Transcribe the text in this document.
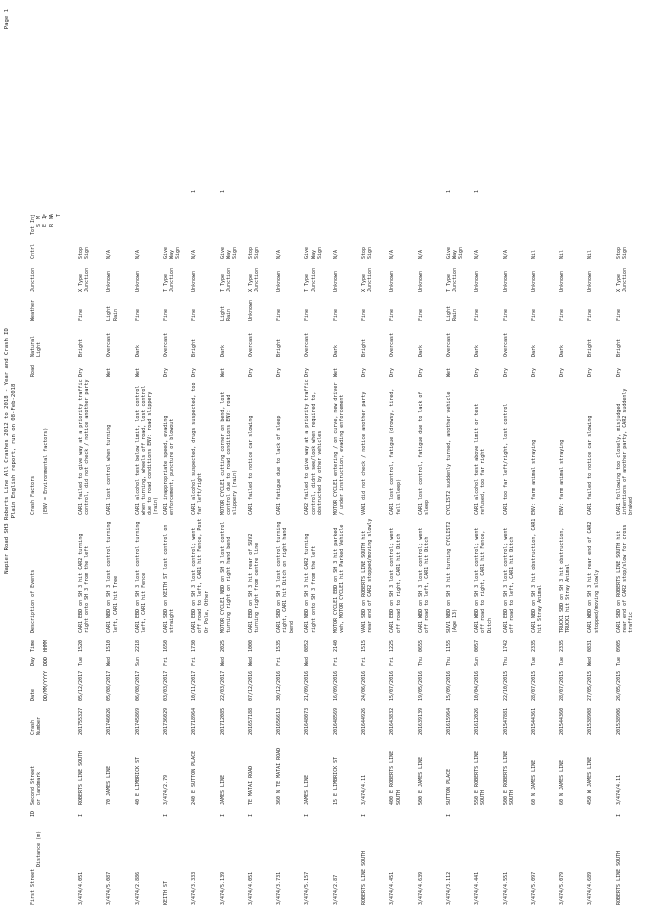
Napier Road SH3 Roberts Line All Crashes 2012 to 2018 - Year and Crash ID Plain English report, run on 08-Feb-2018
Page 1
First Street
Distance (m)
ID
Second Street
or landmark
Crash
Number
Date DD/MM/YYYY
Day DDD
Time HHMM
Description of Events
Crash Factors (ENV = Environmental factors)
Road
Natural
Light
Weather
Junction
Cntrl
Tot Inj F
A
T

S
E
R
M
I
N
3/474/4.051
I
ROBERTS LINE SOUTH
201755327
05/12/2017
Tue
1520
CAR1 EBD on SH 3 hit CAR2 turning right onto SH 3 from the left
CAR1 failed to give way at a priority traffic control, did not check / notice another party
Dry
Bright
Fine
X Type Junction
Stop Sign
3/474/5.087
70 JAMES LINE
201746026
05/08/2017
Wed
1510
CAR1 NBD on SH 3 lost control turning left, CAR1 hit Tree
CAR1 lost control when turning
Wet
Overcast
Light Rain
Unknown
N/A
3/474/2.886
40 E LIMBRICK ST
201745869
06/08/2017
Sun
2218
CAR1 EBD on SH 3 lost control turning left, CAR1 hit Fence
CAR1 alcohol test below limit, lost control when turning, wheels off road, lost control due to road conditions ENV: road slippery (rain)
Wet
Dark
Fine
Unknown
N/A
KEITH ST
I
3/474/2.79
201736029
03/03/2017
Fri
1650
CAR1 SBD on KEITH ST lost control on straight
CAR1 inappropriate speed, evading enforcement, puncture or blowout
Dry
Overcast
Fine
T Type Junction
Give Way Sign
3/474/3.333
240 E SUTTON PLACE
201718964
10/11/2017
Fri
1730
CAR1 EBD on SH 3 lost control; went off road to left, CAR1 hit Fence, Post Or Pole, Other
CAR1 alcohol suspected, drugs suspected, too far left/right
Dry
Bright
Fine
Unknown
N/A
1
3/474/5.139
I
JAMES LINE
201712085
22/03/2017
Wed
2025
MOTOR CYCLE1 NBD on SH 3 lost control turning right on right hand bend
MOTOR CYCLE1 cutting corner on bend, lost control due to road conditions ENV: road slippery (rain)
Wet
Dark
Light Rain
T Type Junction
Give Way Sign
1
3/474/4.051
I
TE MATAI ROAD
201657188
07/12/2016
Wed
1000
CAR1 EBD on SH 3 hit rear of SUV2 turning right from centre line
CAR1 failed to notice car slowing
Dry
Overcast
Unknown
X Type Junction
Stop Sign
3/474/3.731
360 N TE MATAI ROAD
201656613
30/12/2016
Fri
1535
CAR1 SBD on SH 3 lost control turning right, CAR1 hit Ditch on right hand bend
CAR1 fatigue due to lack of sleep
Dry
Bright
Fine
Unknown
N/A
3/474/5.157
I
JAMES LINE
201648073
21/09/2016
Wed
0852
CAR1 NBD on SH 3 hit CAR2 turning right onto SH 3 from the left
CAR2 failed to give way at a priority traffic control, didnt see/look when required to, obstructed by other vehicles
Dry
Overcast
Fine
T Type Junction
Give Way Sign
3/474/2.87
15 E LIMBRICK ST
201648569
16/09/2016
Fri
2140
MOTOR CYCLE1 EBD on SH 3 hit parked veh, MOTOR CYCLE1 hit Parked Vehicle
MOTOR CYCLE1 entering / on curve, new driver / under instruction, evading enforcement
Wet
Dark
Fine
Unknown
N/A
ROBERTS LINE SOUTH
I
3/474/4.11
201644926
24/06/2016
Fri
1515
VAN1 SBD on ROBERTS LINE SOUTH hit rear end of CAR2 stopped/moving slowly
VAN1 did not check / notice another party
Dry
Bright
Fine
X Type Junction
Stop Sign
3/474/4.451
400 E ROBERTS LINE SOUTH
201643832
15/07/2016
Fri
1225
CAR1 EBD on SH 3 lost control; went off road to right, CAR1 hit Ditch
CAR1 lost control, fatigue (drowsy, tired, fell asleep)
Dry
Overcast
Fine
Unknown
N/A
3/474/4.639
500 E JAMES LINE
201639139
19/05/2016
Thu
0655
CAR1 WBD on SH 3 lost control; went off road to left, CAR1 hit Ditch
CAR1 lost control, fatigue due to lack of sleep
Dry
Dark
Fine
Unknown
N/A
3/474/3.112
I
SUTTON PLACE
201615964
15/09/2016
Thu
1155
SUV1 NBD on SH 3 hit turning CYCLIST2 (Age 13)
CYCLIST2 suddenly turned, another vehicle
Wet
Overcast
Light Rain
T Type Junction
Give Way Sign
1
3/474/4.441
550 E ROBERTS LINE SOUTH
201612026
10/04/2016
Sun
0057
CAR1 WBD on SH 3 lost control; went off road to right, CAR1 hit Fence, Ditch
CAR1 alcohol test above limit or test refused, too far right
Dry
Dark
Fine
Unknown
N/A
1
3/474/4.551
500 E ROBERTS LINE SOUTH
201547881
22/10/2015
Thu
1742
CAR1 EBD on SH 3 lost control; went off road to left, CAR1 hit Ditch
CAR1 too far left/right, lost control
Dry
Overcast
Fine
Unknown
N/A
3/474/5.097
60 N JAMES LINE
201544361
28/07/2015
Tue
2335
CAR1 NBD on SH 3 hit obstruction, CAR1 hit Stray Animal
ENV: farm animal straying
Dry
Dark
Fine
Unknown
Nil
3/474/5.079
60 N JAMES LINE
201544360
28/07/2015
Tue
2335
TRUCK1 SBD on SH 3 hit obstruction, TRUCK1 hit Stray Animal
ENV: farm animal straying
Dry
Dark
Fine
Unknown
Nil
3/474/4.689
450 W JAMES LINE
201538908
27/05/2015
Wed
0831
CAR1 WBD on SH 3 hit rear end of CAR2 stopped/moving slowly
CAR1 failed to notice car slowing
Dry
Bright
Fine
Unknown
Nil
ROBERTS LINE SOUTH
I
3/474/4.11
201538906
26/05/2015
Tue
0905
CAR1 SBD on ROBERTS LINE SOUTH hit rear end of CAR2 stop/slow for cross traffic
CAR1 following too closely, misjudged intentions of another party, CAR2 suddenly braked
Dry
Bright
Fine
X Type Junction
Stop Sign
